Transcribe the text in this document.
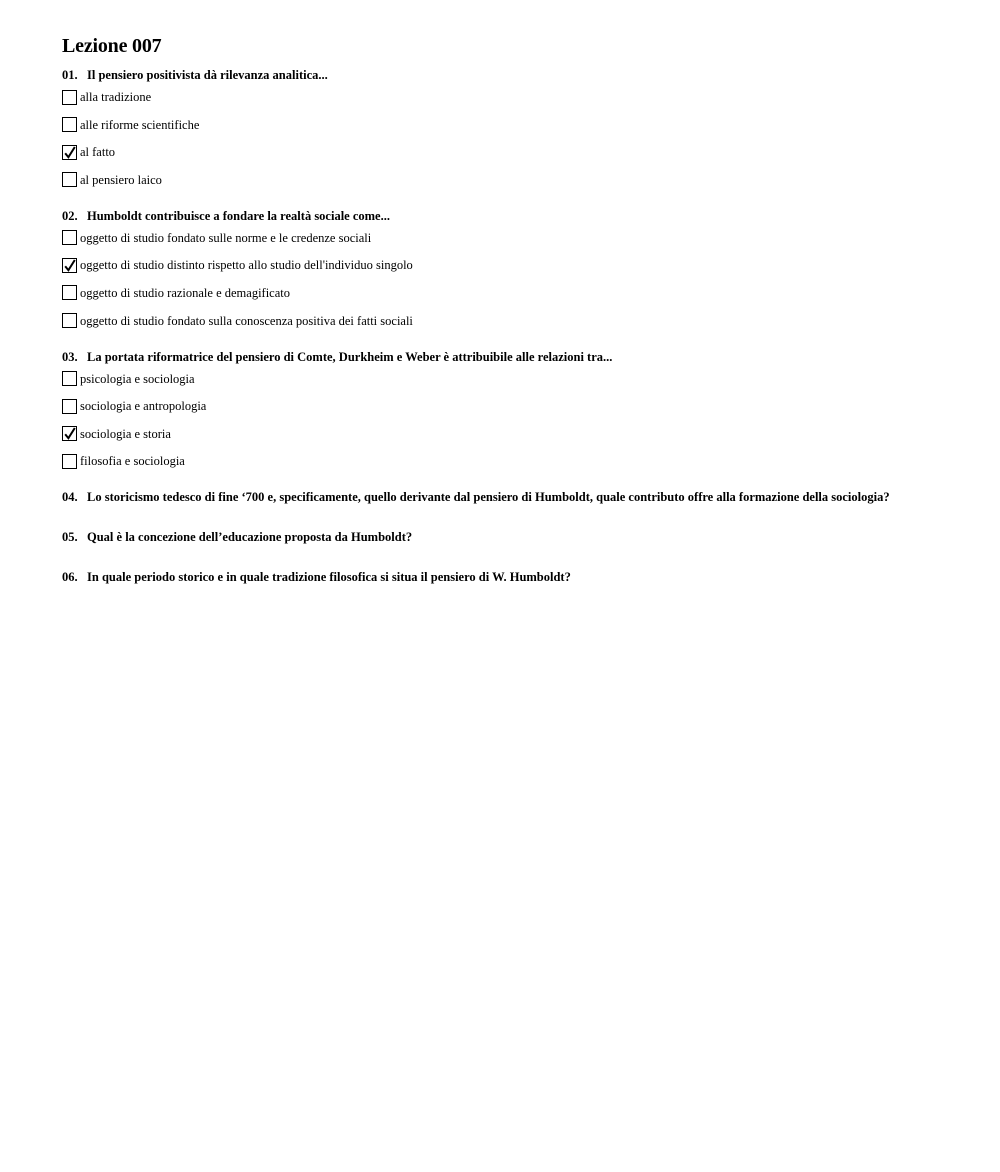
Lezione 007
01. Il pensiero positivista dà rilevanza analitica...
alla tradizione
alle riforme scientifiche
al fatto
al pensiero laico
02. Humboldt contribuisce a fondare la realtà sociale come...
oggetto di studio fondato sulle norme e le credenze sociali
oggetto di studio distinto rispetto allo studio dell'individuo singolo
oggetto di studio razionale e demagificato
oggetto di studio fondato sulla conoscenza positiva dei fatti sociali
03. La portata riformatrice del pensiero di Comte, Durkheim e Weber è attribuibile alle relazioni tra...
psicologia e sociologia
sociologia e antropologia
sociologia e storia
filosofia e sociologia
04. Lo storicismo tedesco di fine ‘700 e, specificamente, quello derivante dal pensiero di Humboldt, quale contributo offre alla formazione della sociologia?
05. Qual è la concezione dell’educazione proposta da Humboldt?
06. In quale periodo storico e in quale tradizione filosofica si situa il pensiero di W. Humboldt?
